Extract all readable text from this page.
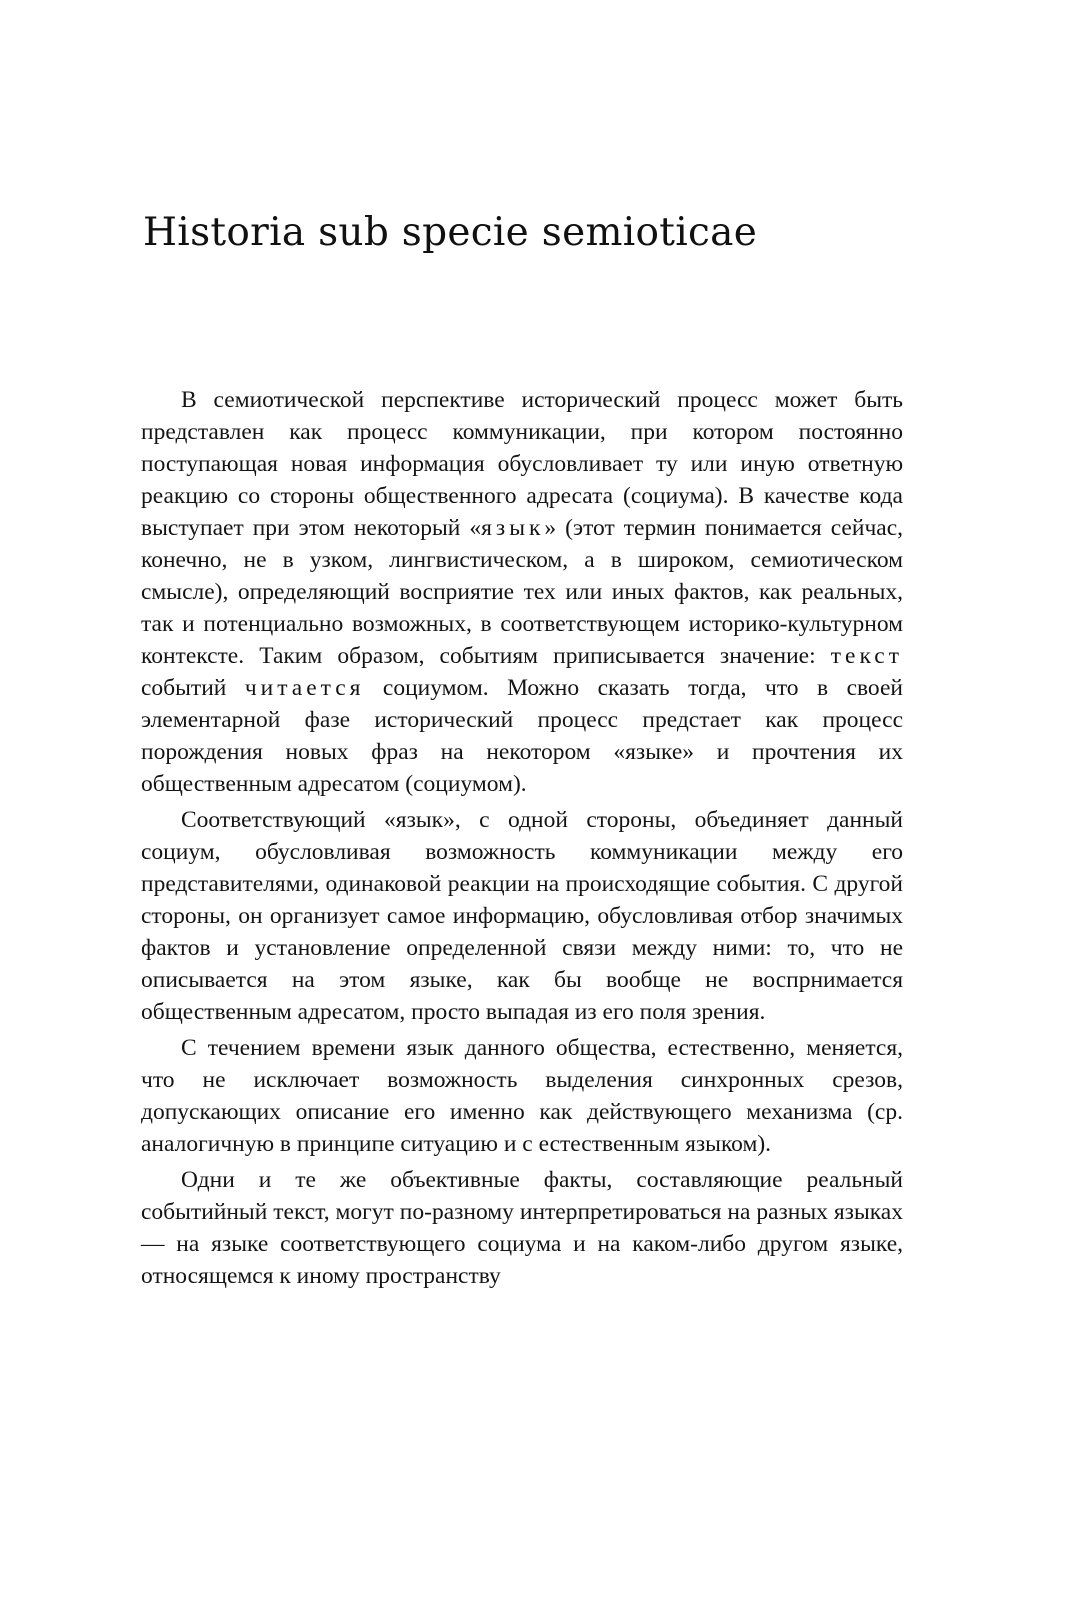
Historia sub specie semioticae

В семиотической перспективе исторический процесс может быть представлен как процесс коммуникации, при котором постоянно поступающая новая информация обусловливает ту или иную ответную реакцию со стороны общественного адресата (социума). В качестве кода выступает при этом некоторый «язык» (этот термин понимается сейчас, конечно, не в узком, лингвистическом, а в широком, семиотическом смысле), определяющий восприятие тех или иных фактов, как реальных, так и потенциально возможных, в соответствующем историко-культурном контексте. Таким образом, событиям приписывается значение: текст событий читается социумом. Можно сказать тогда, что в своей элементарной фазе исторический процесс предстает как процесс порождения новых фраз на некотором «языке» и прочтения их общественным адресатом (социумом).

Соответствующий «язык», с одной стороны, объединяет данный социум, обусловливая возможность коммуникации между его представителями, одинаковой реакции на происходящие события. С другой стороны, он организует самое информацию, обусловливая отбор значимых фактов и установление определенной связи между ними: то, что не описывается на этом языке, как бы вообще не воспрнимается общественным адресатом, просто выпадая из его поля зрения.

С течением времени язык данного общества, естественно, меняется, что не исключает возможность выделения синхронных срезов, допускающих описание его именно как действующего механизма (ср. аналогичную в принципе ситуацию и с естественным языком).

Одни и те же объективные факты, составляющие реальный событийный текст, могут по-разному интерпретироваться на разных языках — на языке соответствующего социума и на каком-либо другом языке, относящемся к иному пространству
